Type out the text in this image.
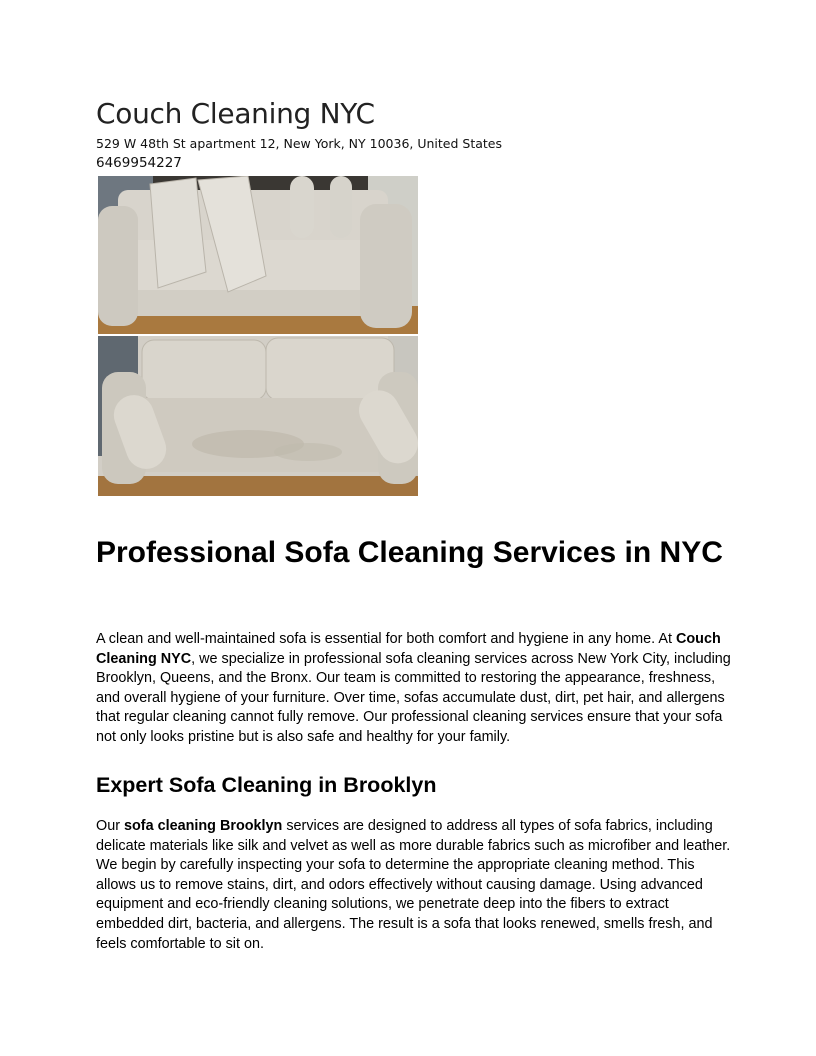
Couch Cleaning NYC
529 W 48th St apartment 12, New York, NY 10036, United States
6469954227
Professional Sofa Cleaning Services in NYC

A clean and well-maintained sofa is essential for both comfort and hygiene in any home. At Couch Cleaning NYC, we specialize in professional sofa cleaning services across New York City, including Brooklyn, Queens, and the Bronx. Our team is committed to restoring the appearance, freshness, and overall hygiene of your furniture. Over time, sofas accumulate dust, dirt, pet hair, and allergens that regular cleaning cannot fully remove. Our professional cleaning services ensure that your sofa not only looks pristine but is also safe and healthy for your family.

Expert Sofa Cleaning in Brooklyn

Our sofa cleaning Brooklyn services are designed to address all types of sofa fabrics, including delicate materials like silk and velvet as well as more durable fabrics such as microfiber and leather. We begin by carefully inspecting your sofa to determine the appropriate cleaning method. This allows us to remove stains, dirt, and odors effectively without causing damage. Using advanced equipment and eco-friendly cleaning solutions, we penetrate deep into the fibers to extract embedded dirt, bacteria, and allergens. The result is a sofa that looks renewed, smells fresh, and feels comfortable to sit on.
